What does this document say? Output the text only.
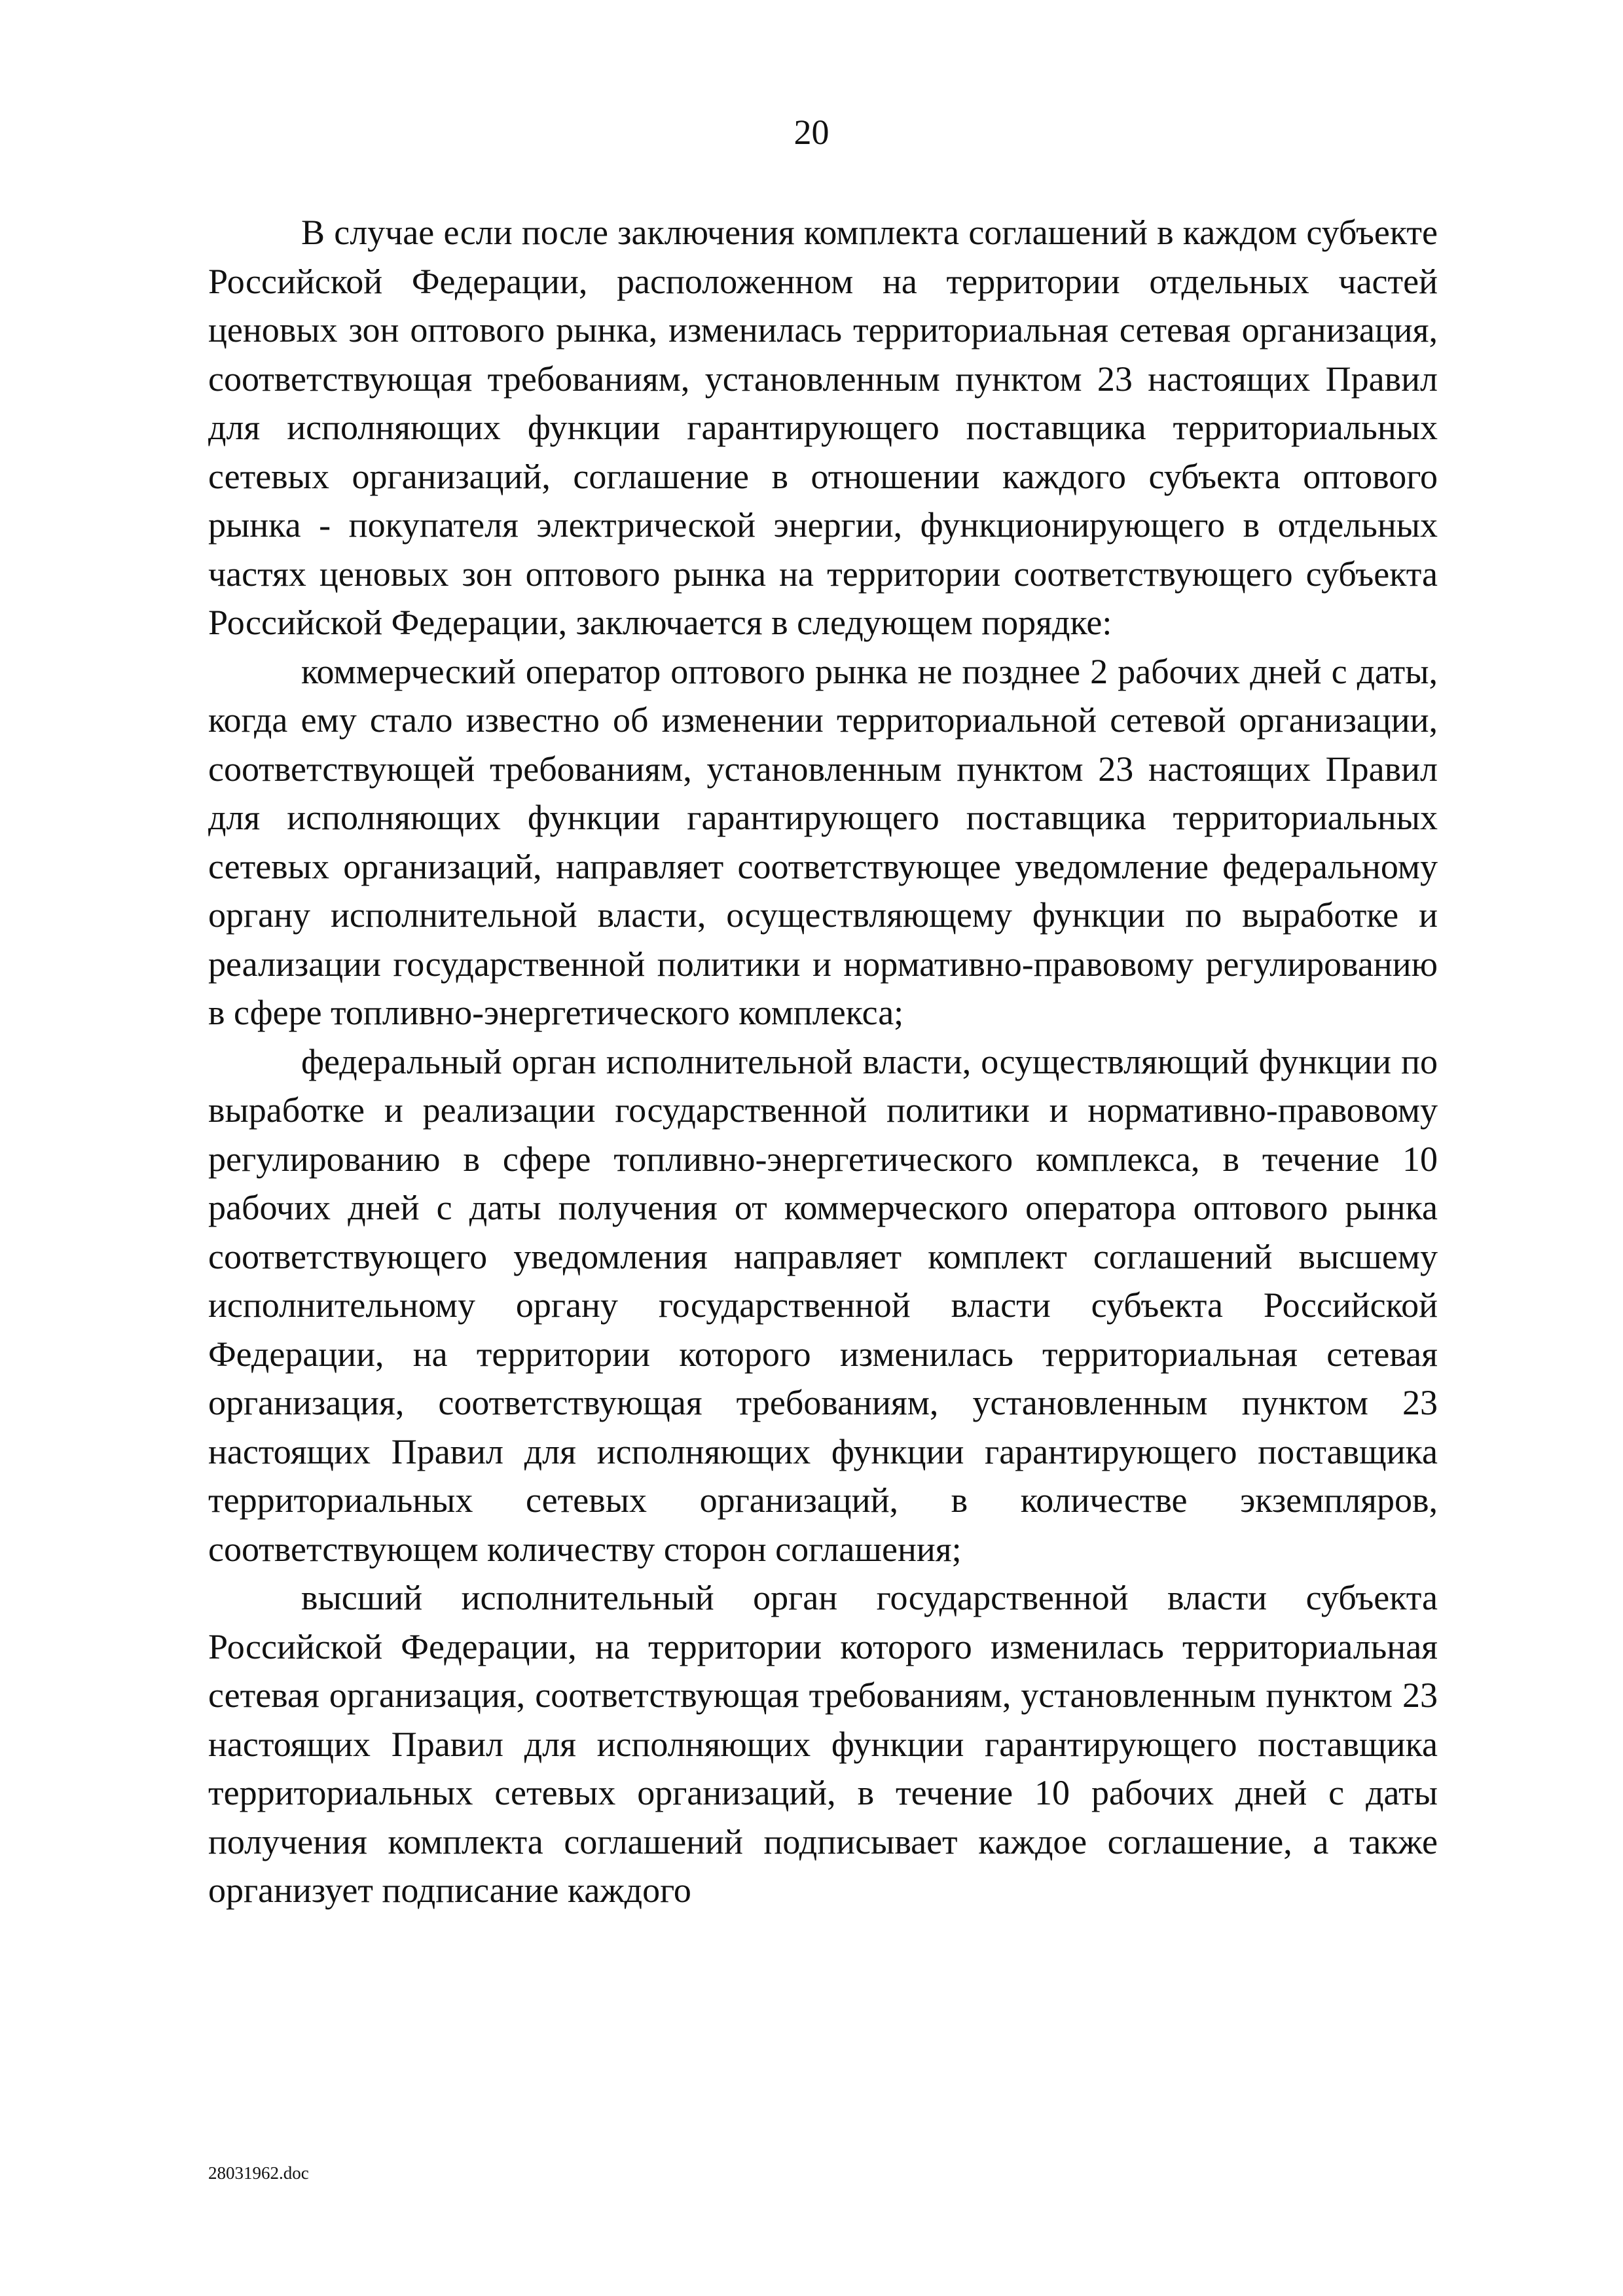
20

В случае если после заключения комплекта соглашений в каждом субъекте Российской Федерации, расположенном на территории отдельных частей ценовых зон оптового рынка, изменилась территориальная сетевая организация, соответствующая требованиям, установленным пунктом 23 настоящих Правил для исполняющих функции гарантирующего поставщика территориальных сетевых организаций, соглашение в отношении каждого субъекта оптового рынка - покупателя электрической энергии, функционирующего в отдельных частях ценовых зон оптового рынка на территории соответствующего субъекта Российской Федерации, заключается в следующем порядке:

коммерческий оператор оптового рынка не позднее 2 рабочих дней с даты, когда ему стало известно об изменении территориальной сетевой организации, соответствующей требованиям, установленным пунктом 23 настоящих Правил для исполняющих функции гарантирующего поставщика территориальных сетевых организаций, направляет соответствующее уведомление федеральному органу исполнительной власти, осуществляющему функции по выработке и реализации государственной политики и нормативно-правовому регулированию в сфере топливно-энергетического комплекса;

федеральный орган исполнительной власти, осуществляющий функции по выработке и реализации государственной политики и нормативно-правовому регулированию в сфере топливно-энергетического комплекса, в течение 10 рабочих дней с даты получения от коммерческого оператора оптового рынка соответствующего уведомления направляет комплект соглашений высшему исполнительному органу государственной власти субъекта Российской Федерации, на территории которого изменилась территориальная сетевая организация, соответствующая требованиям, установленным пунктом 23 настоящих Правил для исполняющих функции гарантирующего поставщика территориальных сетевых организаций, в количестве экземпляров, соответствующем количеству сторон соглашения;

высший исполнительный орган государственной власти субъекта Российской Федерации, на территории которого изменилась территориальная сетевая организация, соответствующая требованиям, установленным пунктом 23 настоящих Правил для исполняющих функции гарантирующего поставщика территориальных сетевых организаций, в течение 10 рабочих дней с даты получения комплекта соглашений подписывает каждое соглашение, а также организует подписание каждого

28031962.doc
